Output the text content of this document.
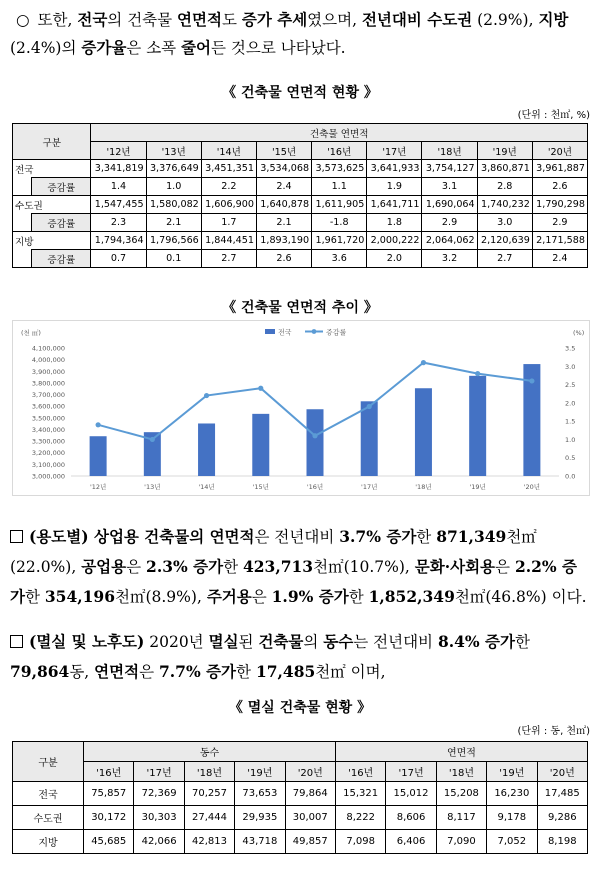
○ 또한, 전국의 건축물 연면적도 증가 추세였으며, 전년대비 수도권 (2.9%), 지방(2.4%)의 증가율은 소폭 줄어든 것으로 나타났다.
《 건축물 연면적 현황 》
(단위 : 천㎡, %)
구분		건축물 연면적								
		'12년	'13년	'14년	'15년	'16년	'17년	'18년	'19년	'20년
전국		3,341,819	3,376,649	3,451,351	3,534,068	3,573,625	3,641,933	3,754,127	3,860,871	3,961,887
	증감률	1.4	1.0	2.2	2.4	1.1	1.9	3.1	2.8	2.6
수도권		1,547,455	1,580,082	1,606,900	1,640,878	1,611,905	1,641,711	1,690,064	1,740,232	1,790,298
	증감률	2.3	2.1	1.7	2.1	-1.8	1.8	2.9	3.0	2.9
지방		1,794,364	1,796,566	1,844,451	1,893,190	1,961,720	2,000,222	2,064,062	2,120,639	2,171,588
	증감률	0.7	0.1	2.7	2.6	3.6	2.0	3.2	2.7	2.4
《 건축물 연면적 추이 》
(천 ㎡)	(%)
4,100,000
4,000,000
3,900,000
3,800,000
3,700,000
3,600,000
3,500,000
3,400,000
3,300,000
3,200,000
3,100,000
3,000,000
3.5
3.0
2.5
2.0
1.5
1.0
0.5
0.0
'12년	'13년	'14년	'15년	'16년	'17년	'18년	'19년	'20년
전국	증감률
(용도별) 상업용 건축물의 연면적은 전년대비 3.7% 증가한 871,349천㎡ (22.0%), 공업용은 2.3% 증가한 423,713천㎡(10.7%), 문화·사회용은 2.2% 증가한 354,196천㎡(8.9%), 주거용은 1.9% 증가한 1,852,349천㎡(46.8%) 이다.
(멸실 및 노후도) 2020년 멸실된 건축물의 동수는 전년대비 8.4% 증가한 79,864동, 연면적은 7.7% 증가한 17,485천㎡ 이며,
《 멸실 건축물 현황 》
(단위 : 동, 천㎡)
구분	동수					연면적				
	'16년	'17년	'18년	'19년	'20년	'16년	'17년	'18년	'19년	'20년
전국	75,857	72,369	70,257	73,653	79,864	15,321	15,012	15,208	16,230	17,485
수도권	30,172	30,303	27,444	29,935	30,007	8,222	8,606	8,117	9,178	9,286
지방	45,685	42,066	42,813	43,718	49,857	7,098	6,406	7,090	7,052	8,198
